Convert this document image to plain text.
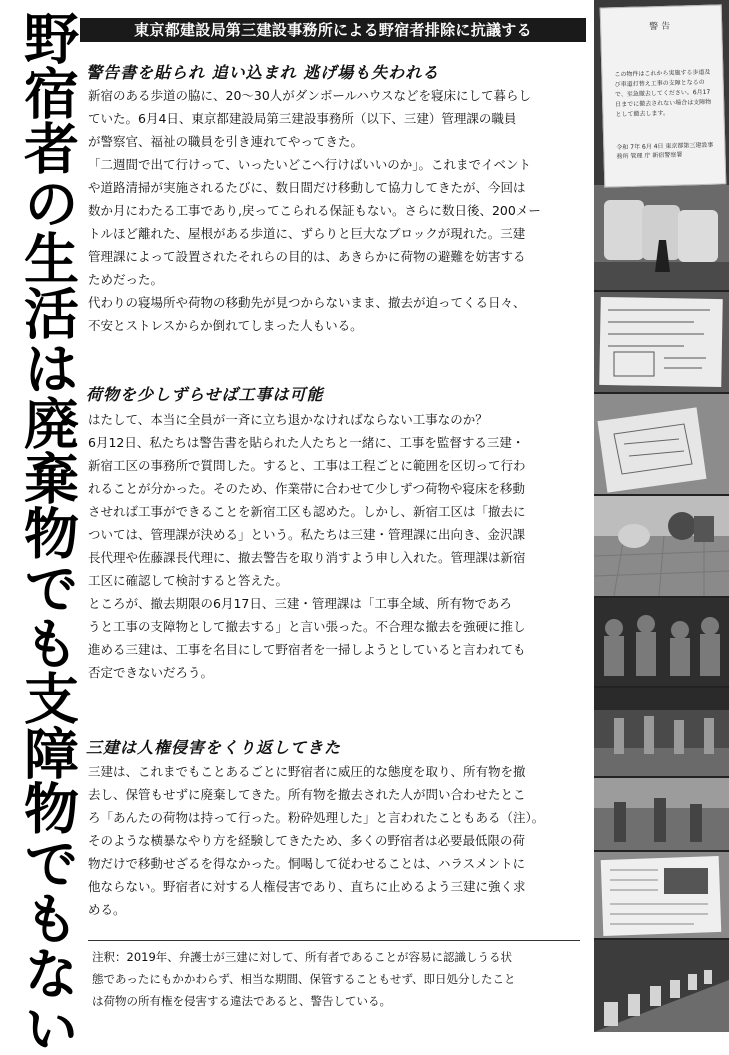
野宿者の生活は廃棄物でも支障物でもない	東京都建設局第三建設事務所による野宿者排除に抗議する
警告書を貼られ 追い込まれ 逃げ場も失われる
新宿のある歩道の脇に、20〜30人がダンボールハウスなどを寝床にして暮らし
ていた。6月4日、東京都建設局第三建設事務所（以下、三建）管理課の職員
が警察官、福祉の職員を引き連れてやってきた。
「二週間で出て行けって、いったいどこへ行けばいいのか」。これまでイベント
や道路清掃が実施されるたびに、数日間だけ移動して協力してきたが、今回は
数か月にわたる工事であり,戻ってこられる保証もない。さらに数日後、200メー
トルほど離れた、屋根がある歩道に、ずらりと巨大なブロックが現れた。三建
管理課によって設置されたそれらの目的は、あきらかに荷物の避難を妨害する
ためだった。
代わりの寝場所や荷物の移動先が見つからないまま、撤去が迫ってくる日々、
不安とストレスからか倒れてしまった人もいる。
荷物を少しずらせば工事は可能
はたして、本当に全員が一斉に立ち退かなければならない工事なのか？
6月12日、私たちは警告書を貼られた人たちと一緒に、工事を監督する三建・
新宿工区の事務所で質問した。すると、工事は工程ごとに範囲を区切って行わ
れることが分かった。そのため、作業帯に合わせて少しずつ荷物や寝床を移動
させれば工事ができることを新宿工区も認めた。しかし、新宿工区は「撤去に
ついては、管理課が決める」という。私たちは三建・管理課に出向き、金沢課
長代理や佐藤課長代理に、撤去警告を取り消すよう申し入れた。管理課は新宿
工区に確認して検討すると答えた。
ところが、撤去期限の6月17日、三建・管理課は「工事全域、所有物であろ
うと工事の支障物として撤去する」と言い張った。不合理な撤去を強硬に推し
進める三建は、工事を名目にして野宿者を一掃しようとしていると言われても
否定できないだろう。
三建は人権侵害をくり返してきた
三建は、これまでもことあるごとに野宿者に威圧的な態度を取り、所有物を撤
去し、保管もせずに廃棄してきた。所有物を撤去された人が問い合わせたとこ
ろ「あんたの荷物は持って行った。粉砕処理した」と言われたこともある（注）。
そのような横暴なやり方を経験してきたため、多くの野宿者は必要最低限の荷
物だけで移動せざるを得なかった。恫喝して従わせることは、ハラスメントに
他ならない。野宿者に対する人権侵害であり、直ちに止めるよう三建に強く求
める。
注釈：2019年、弁護士が三建に対して、所有者であることが容易に認識しうる状
態であったにもかかわらず、相当な期間、保管することもせず、即日処分したこと
は荷物の所有権を侵害する違法であると、警告している。
警告
この物件はこれから実施する歩道及び車道打替え工事の支障となるので、至急撤去してください。6月17日までに撤去されない場合は支障物として撤去します。
令和 7年 6月 4日 東京都第三建設事務所 管理 庁 新宿警察署
